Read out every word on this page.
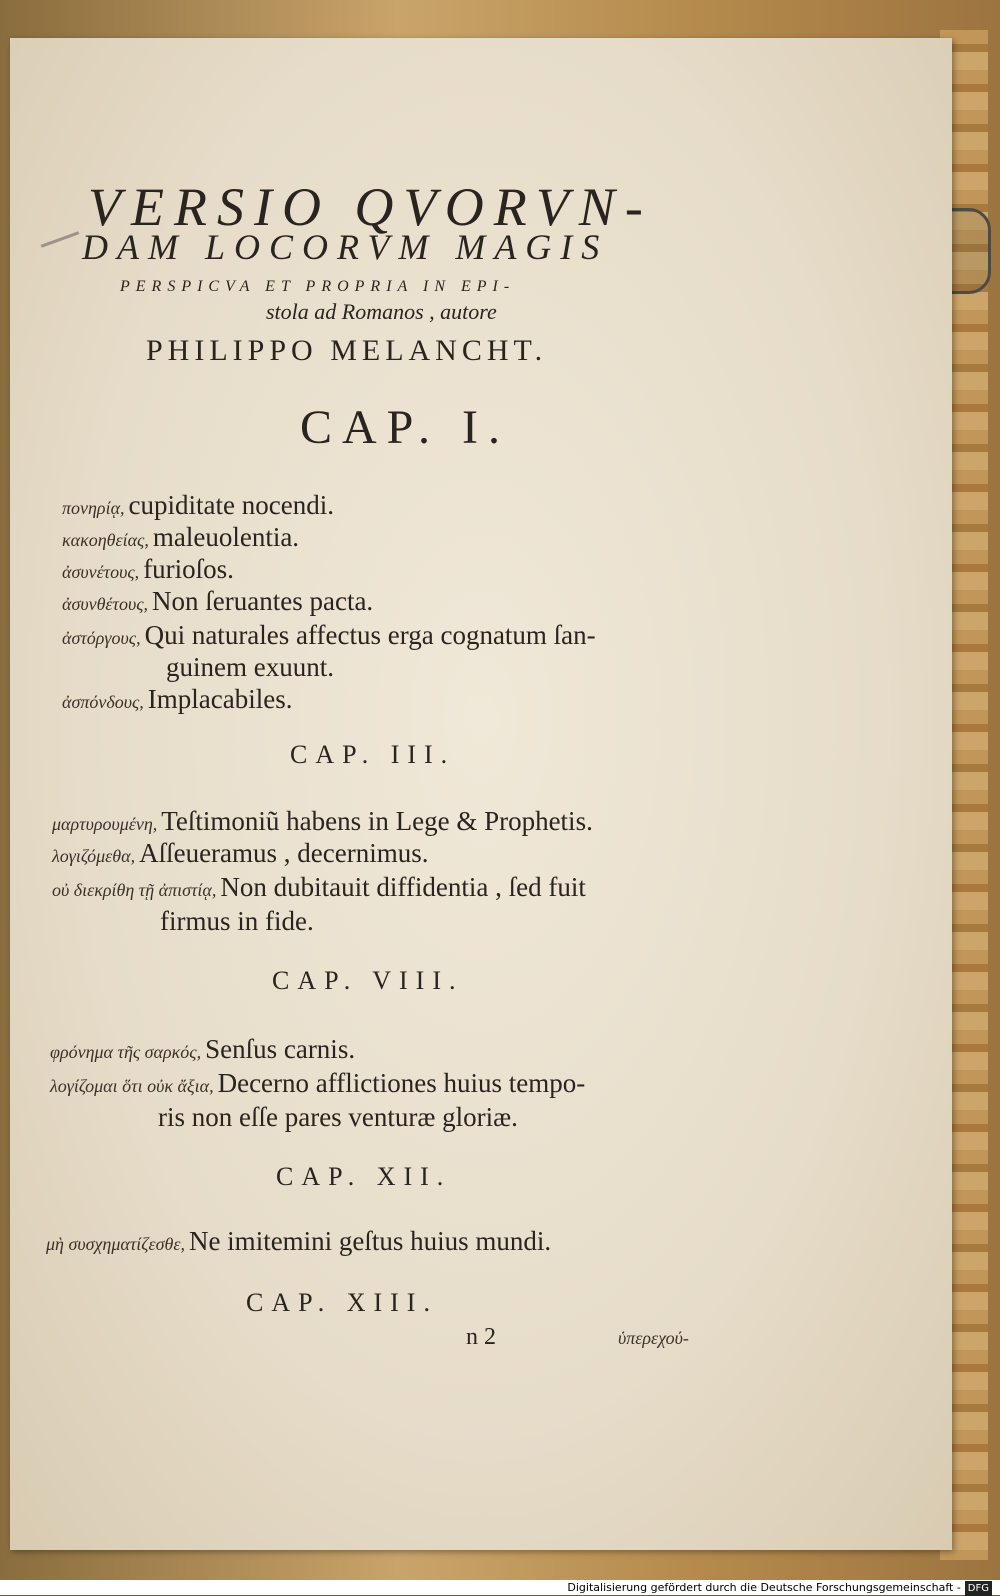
VERSIO QVORVN-
DAM LOCORVM MAGIS
PERSPICVA ET PROPRIA IN EPI-
stola ad Romanos , autore
PHILIPPO MELANCHT.
CAP. I.
πονηρίᾳ, cupiditate nocendi.
κακοηθείας, maleuolentia.
ἀσυνέτους, furioſos.
ἀσυνθέτους, Non ſeruantes pacta.
ἀστόργους, Qui naturales affectus erga cognatum ſan-
guinem exuunt.
ἀσπόνδους, Implacabiles.
CAP. III.
μαρτυρουμένη, Teſtimoniũ habens in Lege & Prophetis.
λογιζόμεθα, Aſſeueramus , decernimus.
οὐ διεκρίθη τῇ ἀπιστίᾳ, Non dubitauit diffidentia , ſed fuit
firmus in fide.
CAP. VIII.
φρόνημα τῆς σαρκός, Senſus carnis.
λογίζομαι ὅτι οὐκ ἄξια, Decerno afflictiones huius tempo-
ris non eſſe pares venturæ gloriæ.
CAP. XII.
μὴ συσχηματίζεσθε, Ne imitemini geſtus huius mundi.
CAP. XIII.
n 2	ὑπερεχού-
Digitalisierung gefördert durch die Deutsche Forschungsgemeinschaft - DFG
